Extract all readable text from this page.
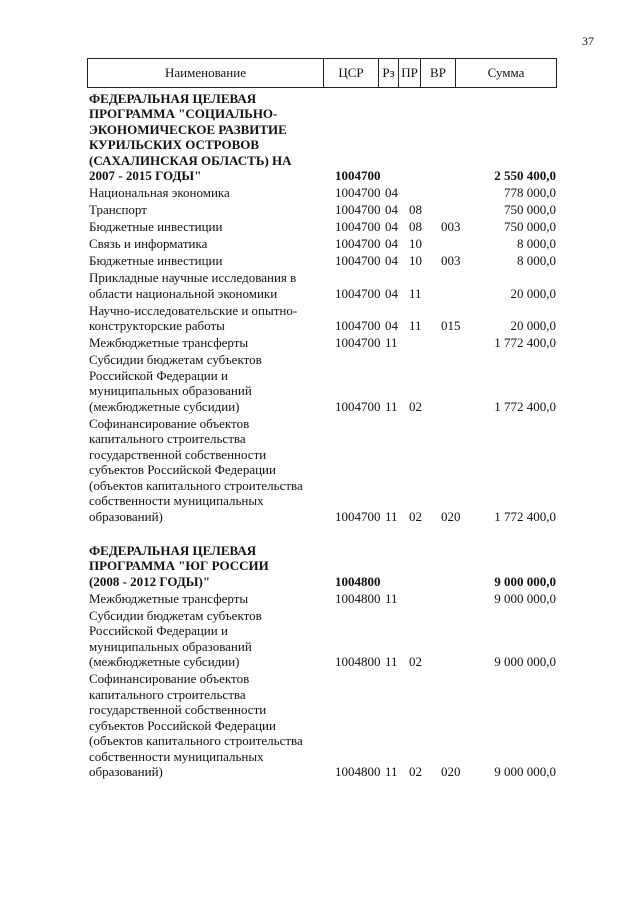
37
Наименование	ЦСР	Рз ПР ВР	Сумма
ФЕДЕРАЛЬНАЯ ЦЕЛЕВАЯ
ПРОГРАММА "СОЦИАЛЬНО-
ЭКОНОМИЧЕСКОЕ РАЗВИТИЕ
КУРИЛЬСКИХ ОСТРОВОВ
(САХАЛИНСКАЯ ОБЛАСТЬ) НА
2007 - 2015 ГОДЫ"	1004700	2 550 400,0
Национальная экономика	1004700 04	778 000,0
Транспорт	1004700 04 08	750 000,0
Бюджетные инвестиции	1004700 04 08 003	750 000,0
Связь и информатика	1004700 04 10	8 000,0
Бюджетные инвестиции	1004700 04 10 003	8 000,0
Прикладные научные исследования в
области национальной экономики	1004700 04 11	20 000,0
Научно-исследовательские и опытно-
конструкторские работы	1004700 04 11 015	20 000,0
Межбюджетные трансферты	1004700 11	1 772 400,0
Субсидии бюджетам субъектов
Российской Федерации и
муниципальных образований
(межбюджетные субсидии)	1004700 11 02	1 772 400,0
Софинансирование объектов
капитального строительства
государственной собственности
субъектов Российской Федерации
(объектов капитального строительства
собственности муниципальных
образований)	1004700 11 02 020	1 772 400,0
ФЕДЕРАЛЬНАЯ ЦЕЛЕВАЯ
ПРОГРАММА "ЮГ РОССИИ
(2008 - 2012 ГОДЫ)"	1004800	9 000 000,0
Межбюджетные трансферты	1004800 11	9 000 000,0
Субсидии бюджетам субъектов
Российской Федерации и
муниципальных образований
(межбюджетные субсидии)	1004800 11 02	9 000 000,0
Софинансирование объектов
капитального строительства
государственной собственности
субъектов Российской Федерации
(объектов капитального строительства
собственности муниципальных
образований)	1004800 11 02 020	9 000 000,0
